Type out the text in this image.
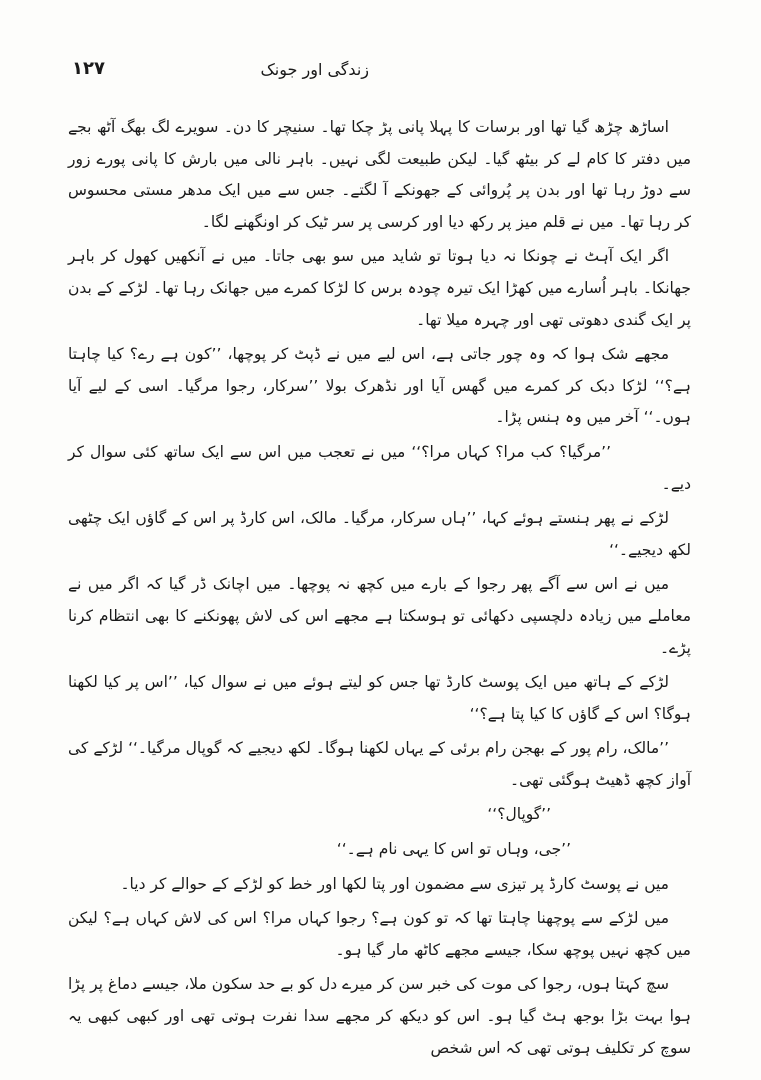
زندگی اور جونک
۱۲۷

اساڑھ چڑھ گیا تھا اور برسات کا پہلا پانی پڑ چکا تھا۔ سنیچر کا دن۔ سویرے لگ بھگ آٹھ بجے میں دفتر کا کام لے کر بیٹھ گیا۔ لیکن طبیعت لگی نہیں۔ باہر نالی میں بارش کا پانی پورے زور سے دوڑ رہا تھا اور بدن پر پُروائی کے جھونکے آ لگتے۔ جس سے میں ایک مدھر مستی محسوس کر رہا تھا۔ میں نے قلم میز پر رکھ دیا اور کرسی پر سر ٹیک کر اونگھنے لگا۔

اگر ایک آہٹ نے چونکا نہ دیا ہوتا تو شاید میں سو بھی جاتا۔ میں نے آنکھیں کھول کر باہر جھانکا۔ باہر اُسارے میں کھڑا ایک تیرہ چودہ برس کا لڑکا کمرے میں جھانک رہا تھا۔ لڑکے کے بدن پر ایک گندی دھوتی تھی اور چہرہ میلا تھا۔

مجھے شک ہوا کہ وہ چور جاتی ہے، اس لیے میں نے ڈپٹ کر پوچھا، ’’کون ہے رے؟ کیا چاہتا ہے؟‘‘ لڑکا دبک کر کمرے میں گھس آیا اور نڈھرک بولا ’’سرکار، رجوا مرگیا۔ اسی کے لیے آیا ہوں۔‘‘ آخر میں وہ ہنس پڑا۔

’’مرگیا؟ کب مرا؟ کہاں مرا؟‘‘ میں نے تعجب میں اس سے ایک ساتھ کئی سوال کر دیے۔

لڑکے نے پھر ہنستے ہوئے کہا، ’’ہاں سرکار، مرگیا۔ مالک، اس کارڈ پر اس کے گاؤں ایک چٹھی لکھ دیجیے۔‘‘

میں نے اس سے آگے پھر رجوا کے بارے میں کچھ نہ پوچھا۔ میں اچانک ڈر گیا کہ اگر میں نے معاملے میں زیادہ دلچسپی دکھائی تو ہوسکتا ہے مجھے اس کی لاش پھونکنے کا بھی انتظام کرنا پڑے۔

لڑکے کے ہاتھ میں ایک پوسٹ کارڈ تھا جس کو لیتے ہوئے میں نے سوال کیا، ’’اس پر کیا لکھنا ہوگا؟ اس کے گاؤں کا کیا پتا ہے؟‘‘

’’مالک، رام پور کے بھجن رام برئی کے یہاں لکھنا ہوگا۔ لکھ دیجیے کہ گوپال مرگیا۔‘‘ لڑکے کی آواز کچھ ڈھیٹ ہوگئی تھی۔

’’گوپال؟‘‘

’’جی، وہاں تو اس کا یہی نام ہے۔‘‘

میں نے پوسٹ کارڈ پر تیزی سے مضمون اور پتا لکھا اور خط کو لڑکے کے حوالے کر دیا۔

میں لڑکے سے پوچھنا چاہتا تھا کہ تو کون ہے؟ رجوا کہاں مرا؟ اس کی لاش کہاں ہے؟ لیکن میں کچھ نہیں پوچھ سکا، جیسے مجھے کاٹھ مار گیا ہو۔

سچ کہتا ہوں، رجوا کی موت کی خبر سن کر میرے دل کو بے حد سکون ملا، جیسے دماغ پر پڑا ہوا بہت بڑا بوجھ ہٹ گیا ہو۔ اس کو دیکھ کر مجھے سدا نفرت ہوتی تھی اور کبھی کبھی یہ سوچ کر تکلیف ہوتی تھی کہ اس شخص
